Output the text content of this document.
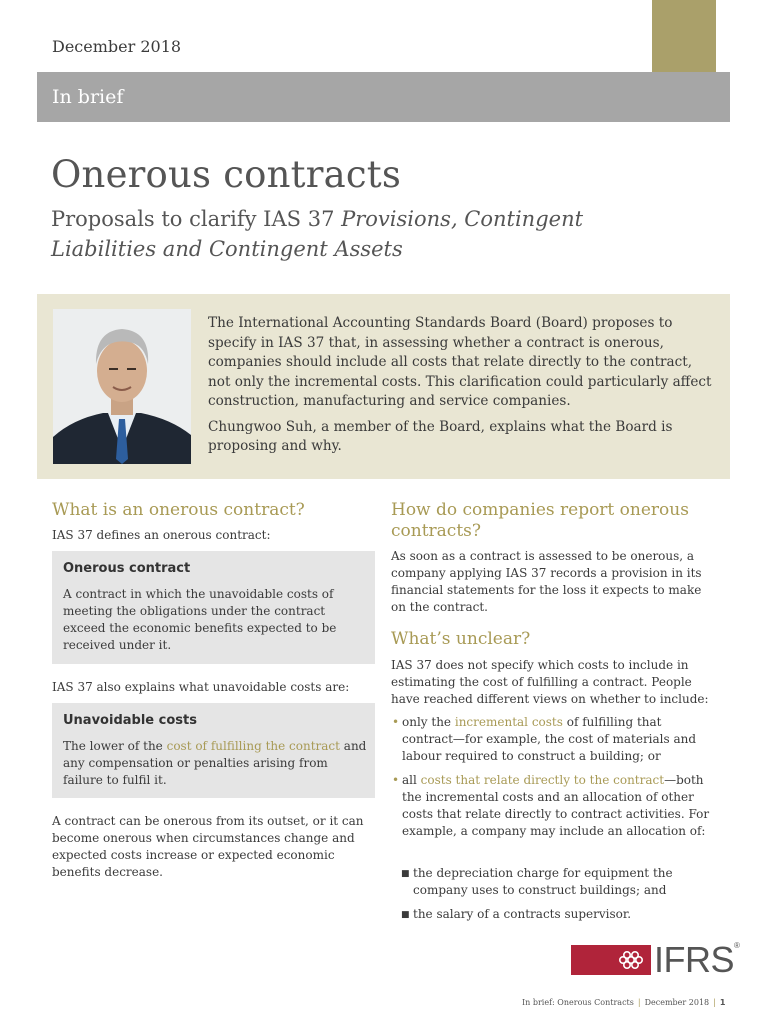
December 2018
In brief
Onerous contracts
Proposals to clarify IAS 37 Provisions, Contingent
Liabilities and Contingent Assets

The International Accounting Standards Board (Board) proposes to specify in IAS 37 that, in assessing whether a contract is onerous, companies should include all costs that relate directly to the contract, not only the incremental costs. This clarification could particularly affect construction, manufacturing and service companies.

Chungwoo Suh, a member of the Board, explains what the Board is proposing and why.

What is an onerous contract?

IAS 37 defines an onerous contract:

Onerous contract
A contract in which the unavoidable costs of meeting the obligations under the contract exceed the economic benefits expected to be received under it.

IAS 37 also explains what unavoidable costs are:

Unavoidable costs
The lower of the cost of fulfilling the contract and any compensation or penalties arising from failure to fulfil it.

A contract can be onerous from its outset, or it can become onerous when circumstances change and expected costs increase or expected economic benefits decrease.

How do companies report onerous contracts?

As soon as a contract is assessed to be onerous, a company applying IAS 37 records a provision in its financial statements for the loss it expects to make on the contract.

What’s unclear?

IAS 37 does not specify which costs to include in estimating the cost of fulfilling a contract. People have reached different views on whether to include:

• only the incremental costs of fulfilling that contract—for example, the cost of materials and labour required to construct a building; or
• all costs that relate directly to the contract—both the incremental costs and an allocation of other costs that relate directly to contract activities. For example, a company may include an allocation of:
■ the depreciation charge for equipment the company uses to construct buildings; and
■ the salary of a contracts supervisor.
IFRS®
In brief: Onerous Contracts | December 2018 | 1
